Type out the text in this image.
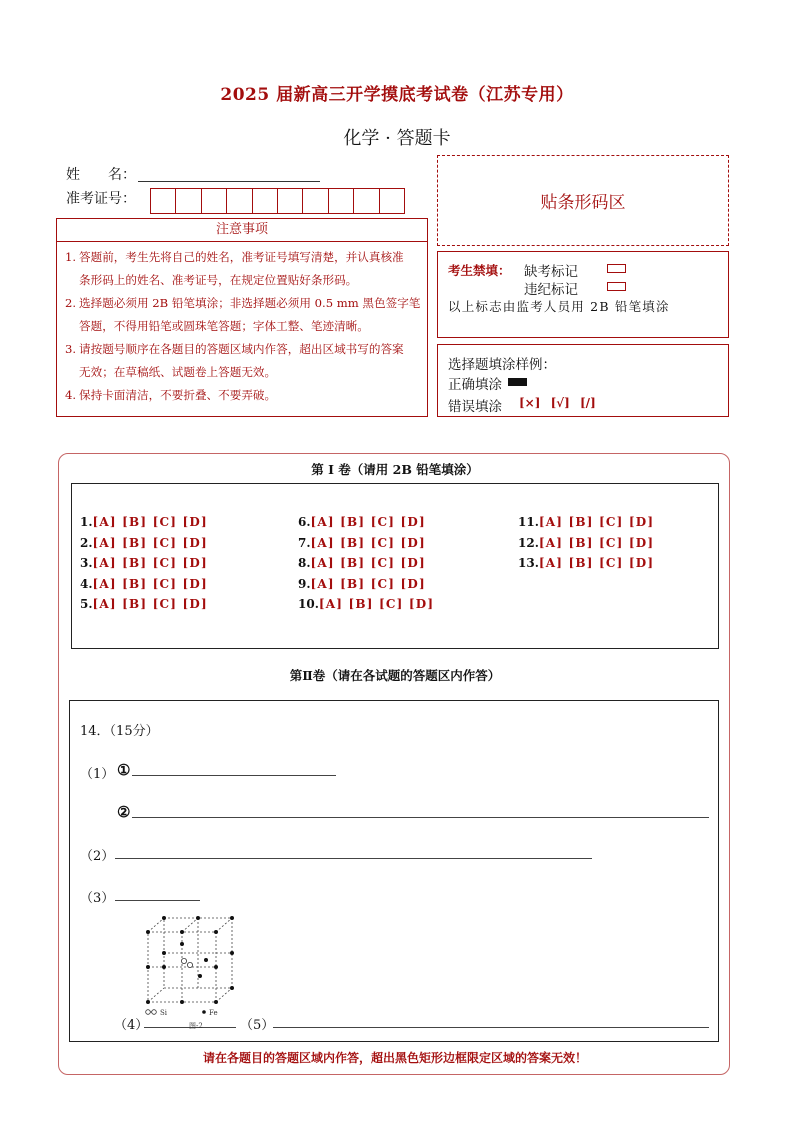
2025 届新高三开学摸底考试卷（江苏专用）
化学 · 答题卡
姓　　名：
准考证号：	贴条形码区
注意事项
1. 答题前，考生先将自己的姓名，准考证号填写清楚，并认真核准
条形码上的姓名、准考证号，在规定位置贴好条形码。
2. 选择题必须用 2B 铅笔填涂；非选择题必须用 0.5 mm 黑色签字笔
答题，不得用铅笔或圆珠笔答题；字体工整、笔迹清晰。
3. 请按题号顺序在各题目的答题区域内作答，超出区域书写的答案
无效；在草稿纸、试题卷上答题无效。
4. 保持卡面清洁，不要折叠、不要弄破。
考生禁填： 缺考标记
违纪标记
以上标志由监考人员用 2B 铅笔填涂
选择题填涂样例：
正确填涂
错误填涂 [×] [√] [/]
第 I 卷（请用 2B 铅笔填涂）
1.[A] [B] [C] [D]
2.[A] [B] [C] [D]
3.[A] [B] [C] [D]
4.[A] [B] [C] [D]
5.[A] [B] [C] [D]
6.[A] [B] [C] [D]
7.[A] [B] [C] [D]
8.[A] [B] [C] [D]
9.[A] [B] [C] [D]
10.[A] [B] [C] [D]
11.[A] [B] [C] [D]
12.[A] [B] [C] [D]
13.[A] [B] [C] [D]
第Ⅱ卷（请在各试题的答题区内作答）
14．（15分）
（1） ①
②
（2）
（3）
Si	Fe
（4）	图-2	（5）
请在各题目的答题区域内作答，超出黑色矩形边框限定区域的答案无效！
